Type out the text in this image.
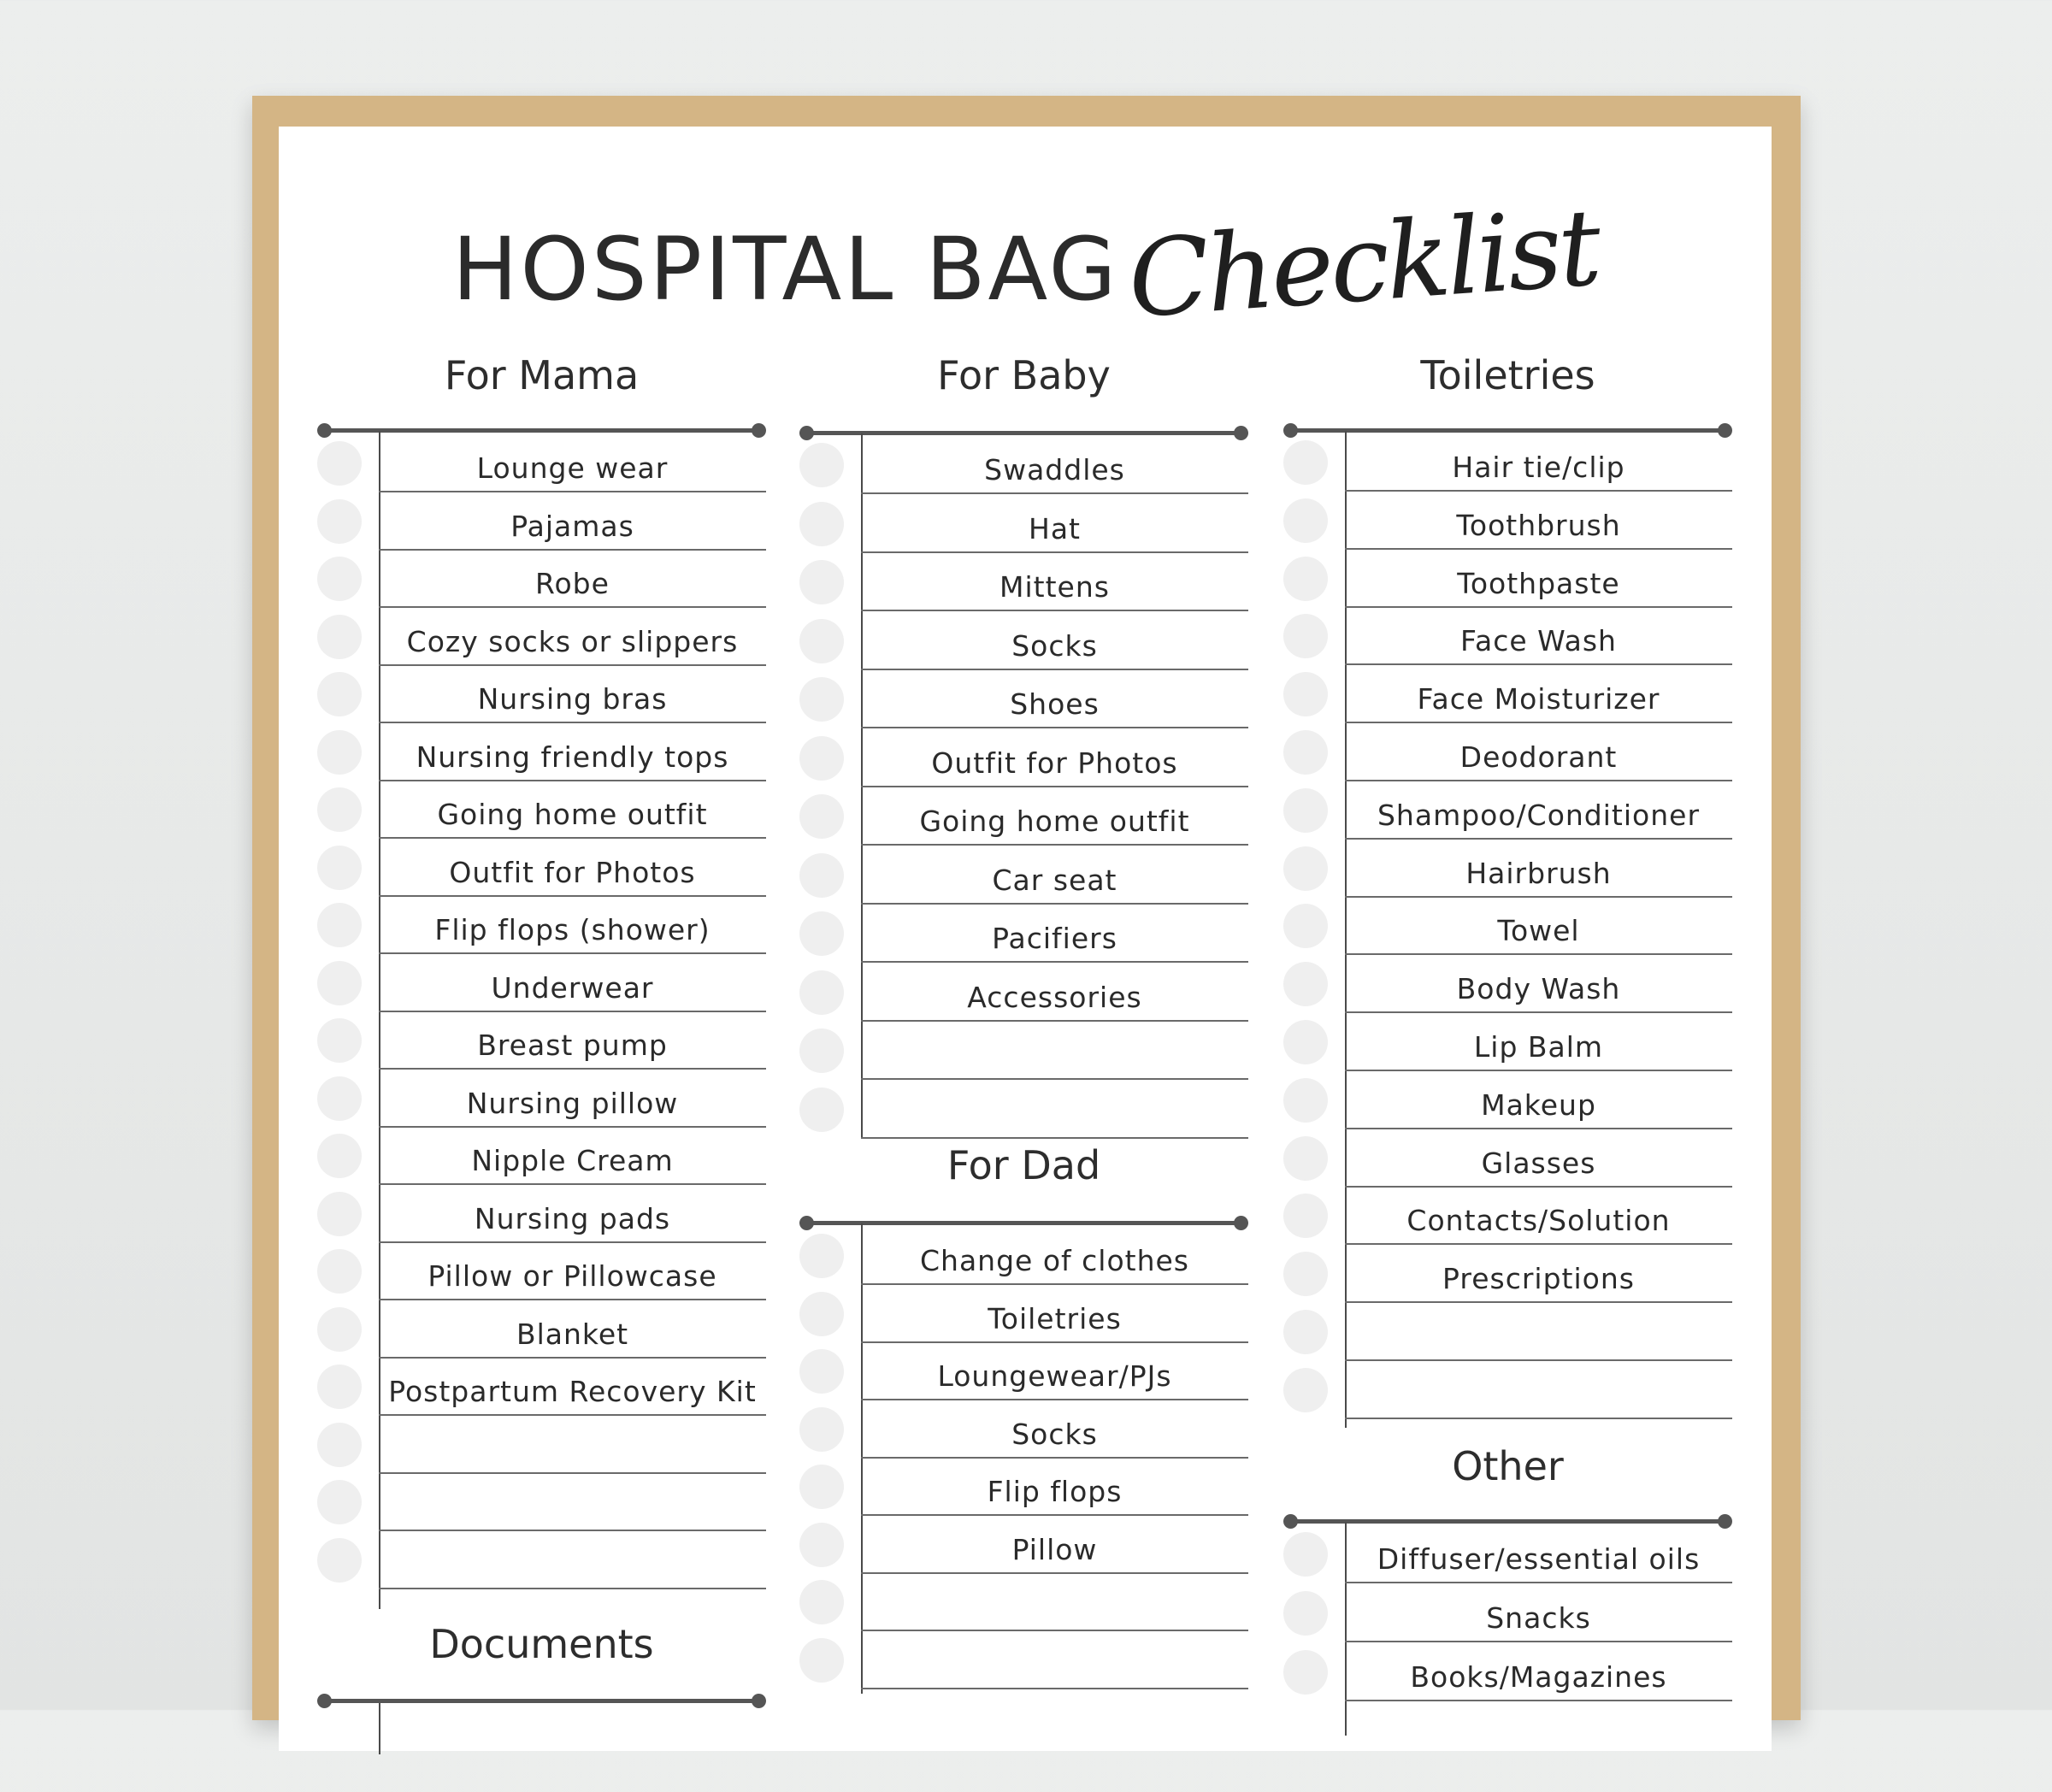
HOSPITAL BAG Checklist
For Mama
Lounge wear
Pajamas
Robe
Cozy socks or slippers
Nursing bras
Nursing friendly tops
Going home outfit
Outfit for Photos
Flip flops (shower)
Underwear
Breast pump
Nursing pillow
Nipple Cream
Nursing pads
Pillow or Pillowcase
Blanket
Postpartum Recovery Kit
Documents
For Baby
Swaddles
Hat
Mittens
Socks
Shoes
Outfit for Photos
Going home outfit
Car seat
Pacifiers
Accessories
For Dad
Change of clothes
Toiletries
Loungewear/PJs
Socks
Flip flops
Pillow
Toiletries
Hair tie/clip
Toothbrush
Toothpaste
Face Wash
Face Moisturizer
Deodorant
Shampoo/Conditioner
Hairbrush
Towel
Body Wash
Lip Balm
Makeup
Glasses
Contacts/Solution
Prescriptions
Other
Diffuser/essential oils
Snacks
Books/Magazines
